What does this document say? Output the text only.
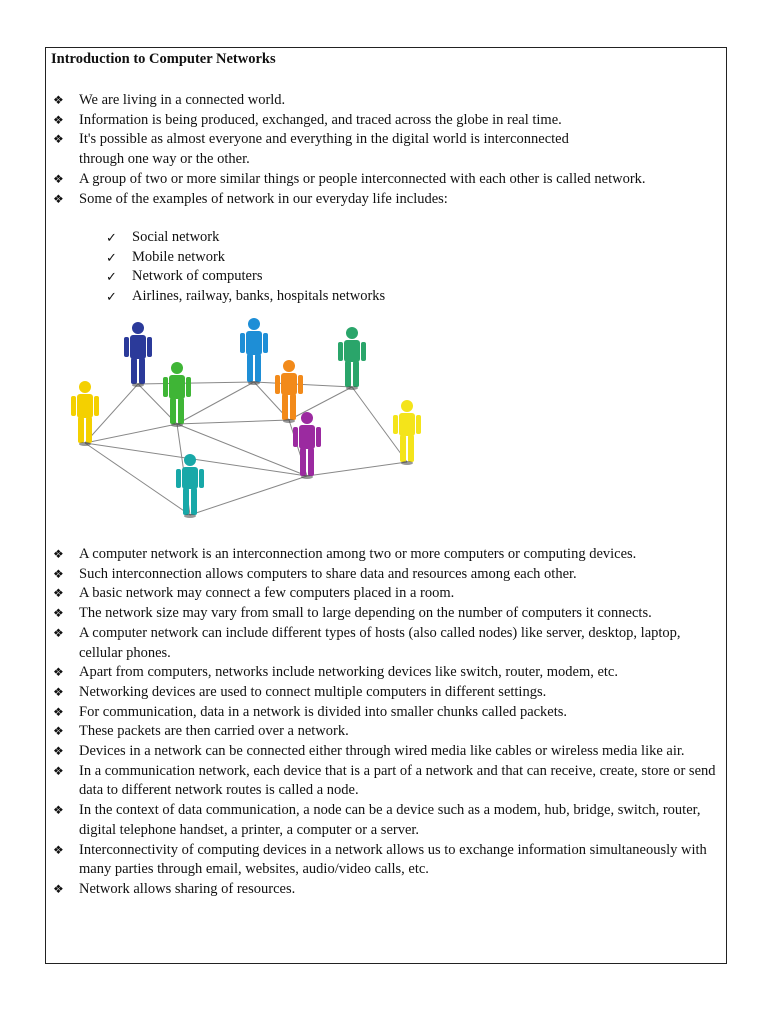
Introduction to Computer Networks
❖ We are living in a connected world.
❖ Information is being produced, exchanged, and traced across the globe in real time.
❖ It's possible as almost everyone and everything in the digital world is interconnected through one way or the other.
❖ A group of two or more similar things or people interconnected with each other is called network.
❖ Some of the examples of network in our everyday life includes:
✓ Social network
✓ Mobile network
✓ Network of computers
✓ Airlines, railway, banks, hospitals networks
❖ A computer network is an interconnection among two or more computers or computing devices.
❖ Such interconnection allows computers to share data and resources among each other.
❖ A basic network may connect a few computers placed in a room.
❖ The network size may vary from small to large depending on the number of computers it connects.
❖ A computer network can include different types of hosts (also called nodes) like server, desktop, laptop, cellular phones.
❖ Apart from computers, networks include networking devices like switch, router, modem, etc.
❖ Networking devices are used to connect multiple computers in different settings.
❖ For communication, data in a network is divided into smaller chunks called packets.
❖ These packets are then carried over a network.
❖ Devices in a network can be connected either through wired media like cables or wireless media like air.
❖ In a communication network, each device that is a part of a network and that can receive, create, store or send data to different network routes is called a node.
❖ In the context of data communication, a node can be a device such as a modem, hub, bridge, switch, router, digital telephone handset, a printer, a computer or a server.
❖ Interconnectivity of computing devices in a network allows us to exchange information simultaneously with many parties through email, websites, audio/video calls, etc.
❖ Network allows sharing of resources.
